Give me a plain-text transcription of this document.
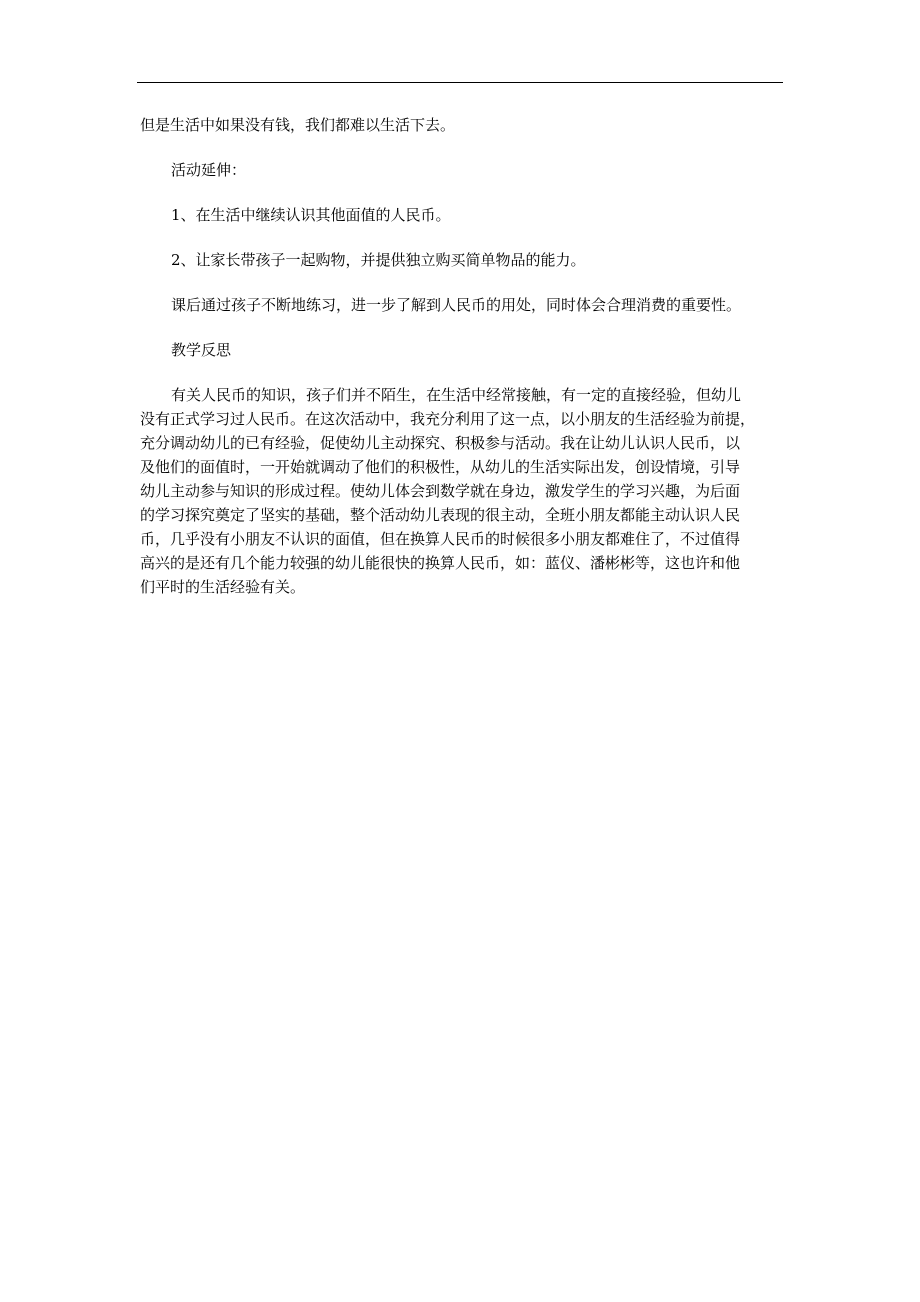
但是生活中如果没有钱，我们都难以生活下去。

活动延伸：

1、在生活中继续认识其他面值的人民币。

2、让家长带孩子一起购物，并提供独立购买简单物品的能力。

课后通过孩子不断地练习，进一步了解到人民币的用处，同时体会合理消费的重要性。

教学反思

有关人民币的知识，孩子们并不陌生，在生活中经常接触，有一定的直接经验，但幼儿
没有正式学习过人民币。在这次活动中，我充分利用了这一点，以小朋友的生活经验为前提，
充分调动幼儿的已有经验，促使幼儿主动探究、积极参与活动。我在让幼儿认识人民币，以
及他们的面值时，一开始就调动了他们的积极性，从幼儿的生活实际出发，创设情境，引导
幼儿主动参与知识的形成过程。使幼儿体会到数学就在身边，激发学生的学习兴趣，为后面
的学习探究奠定了坚实的基础，整个活动幼儿表现的很主动，全班小朋友都能主动认识人民
币，几乎没有小朋友不认识的面值，但在换算人民币的时候很多小朋友都难住了，不过值得
高兴的是还有几个能力较强的幼儿能很快的换算人民币，如：蓝仪、潘彬彬等，这也许和他
们平时的生活经验有关。
